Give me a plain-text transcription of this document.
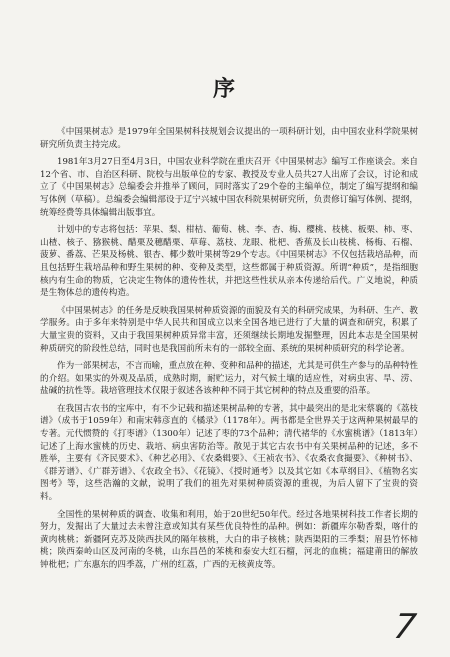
序

《中国果树志》是1979年全国果树科技规划会议提出的一项科研计划，由中国农业科学院果树研究所负责主持完成。

1981年3月27日至4月3日，中国农业科学院在重庆召开《中国果树志》编写工作座谈会。来自12个省、市、自治区科研、院校与出版单位的专家、教授及专业人员共27人出席了会议，讨论和成立了《中国果树志》总编委会并推举了顾问，同时落实了29个卷的主编单位，制定了编写提纲和编写体例（草稿）。总编委会编辑部设于辽宁兴城中国农科院果树研究所，负责修订编写体例、提纲，统筹经费等具体编辑出版事宜。

计划中的专志将包括：苹果、梨、柑桔、葡萄、桃、李、杏、梅、樱桃、枝桃、板栗、柿、枣、山楂、核子、猕猴桃、醋栗及穗醋栗、草莓、荔枝、龙眼、枇杷、香蕉及长山枝桃、杨梅、石榴、菠萝、番荔、芒果及杨桃、银杏、椰少数叶果树等29个专志。《中国果树志》不仅包括栽培品种，而且包括野生栽培品种和野生果树的种、变种及类型，这些都属于种质资源。所谓“种质”，是指细胞核内有生命的物质，它决定生物体的遗传性状，并把这些性状从亲本传递给后代。广义地说，种质是生物体总的遗传构造。

《中国果树志》的任务是反映我国果树种质资源的面貌及有关的科研究成果，为科研、生产、教学服务。由于多年来特别是中华人民共和国成立以来全国各地已进行了大量的调查和研究，积累了大量宝贵的资料，又由于我国果树种质异常丰富，还须继续长期地发掘整理，因此本志是全国果树种质研究的阶段性总结，同时也是我国前所未有的一部较全面、系统的果树种质研究的科学论著。

作为一部果树志，不言而喻，重点放在种、变种和品种的描述，尤其是可供生产参与的品种特性的介绍。如果实的外观及品质，成熟时期，耐贮运力，对气候土壤的适应性，对病虫害、旱、涝、盐碱的抗性等。栽培管理技术仅限于叙述各该种种不同于其它树种的特点及重要的沿革。

在我国古农书的宝库中，有不少记载和描述果树品种的专著，其中最突出的是北宋蔡襄的《荔枝谱》（成书于1059年）和南宋韩彦直的《橘录》（1178年）。两书都是全世界关于这两种果树最早的专著。元代惯赞的《打枣谱》（1300年）记述了枣的73个品种；清代褚华的《水蜜桃谱》（1813年）记述了上海水蜜桃的历史、栽培、病虫害防治等。散见于其它古农书中有关果树品种的记述，多不胜举，主要有《齐民要术》、《种艺必用》、《农桑辑要》、《王祯农书》、《农桑衣食撮要》、《种树书》、《群芳谱》、《广群芳谱》、《农政全书》、《花镜》、《授时通考》以及其它如《本草纲目》、《植物名实图考》等，这些浩瀚的文献，说明了我们的祖先对果树种质资源的重视，为后人留下了宝贵的资料。

全国性的果树种质的调查、收集和利用，始于20世纪50年代。经过各地果树科技工作者长期的努力，发掘出了大量过去未曾注意或知其有某些优良特性的品种。例如：新疆库尔勒香梨，喀什的黄肉桃桃；新疆阿克苏及陕西扶风的隔年核桃，大白的串子核桃；陕西渠阳的三季梨；眉县竹怀柿桃；陕西秦岭山区及河南的冬桃，山东昌邑的苯桃和泰安大红石榴，河北的血桃；福建莆田的解放钟枇杷；广东惠东的四季荔，广州的红荔，广西的无核黄皮等。

7
